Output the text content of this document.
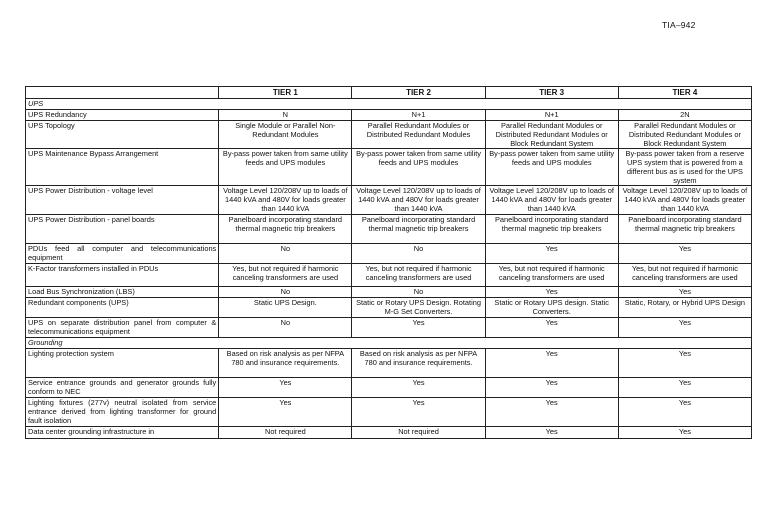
TIA–942
	TIER 1	TIER 2	TIER 3	TIER 4
UPS				
UPS Redundancy	N	N+1	N+1	2N
UPS Topology	Single Module or Parallel Non-Redundant Modules	Parallel Redundant Modules or Distributed Redundant Modules	Parallel Redundant Modules or Distributed Redundant Modules or Block Redundant System	Parallel Redundant Modules or Distributed Redundant Modules or Block Redundant System
UPS Maintenance Bypass Arrangement	By-pass power taken from same utility feeds and UPS modules	By-pass power taken from same utility feeds and UPS modules	By-pass power taken from same utility feeds and UPS modules	By-pass power taken from a reserve UPS system that is powered from a different bus as is used for the UPS system
UPS Power Distribution - voltage level	Voltage Level 120/208V up to loads of 1440 kVA and 480V for loads greater than 1440 kVA	Voltage Level 120/208V up to loads of 1440 kVA and 480V for loads greater than 1440 kVA	Voltage Level 120/208V up to loads of 1440 kVA and 480V for loads greater than 1440 kVA	Voltage Level 120/208V up to loads of 1440 kVA and 480V for loads greater than 1440 kVA
UPS Power Distribution - panel boards	Panelboard incorporating standard thermal magnetic trip breakers	Panelboard incorporating standard thermal magnetic trip breakers	Panelboard incorporating standard thermal magnetic trip breakers	Panelboard incorporating standard thermal magnetic trip breakers
PDUs feed all computer and telecommunications equipment	No	No	Yes	Yes
K-Factor transformers installed in PDUs	Yes, but not required if harmonic canceling transformers are used	Yes, but not required if harmonic canceling transformers are used	Yes, but not required if harmonic canceling transformers are used	Yes, but not required if harmonic canceling transformers are used
Load Bus Synchronization (LBS)	No	No	Yes	Yes
Redundant components (UPS)	Static UPS Design.	Static or Rotary UPS Design. Rotating M-G Set Converters.	Static or Rotary UPS design. Static Converters.	Static, Rotary, or Hybrid UPS Design
UPS on separate distribution panel from computer & telecommunications equipment	No	Yes	Yes	Yes
Grounding				
Lighting protection system	Based on risk analysis as per NFPA 780 and insurance requirements.	Based on risk analysis as per NFPA 780 and insurance requirements.	Yes	Yes
Service entrance grounds and generator grounds fully conform to NEC	Yes	Yes	Yes	Yes
Lighting fixtures (277v) neutral isolated from service entrance derived from lighting transformer for ground fault isolation	Yes	Yes	Yes	Yes
Data center grounding infrastructure in	Not required	Not required	Yes	Yes
